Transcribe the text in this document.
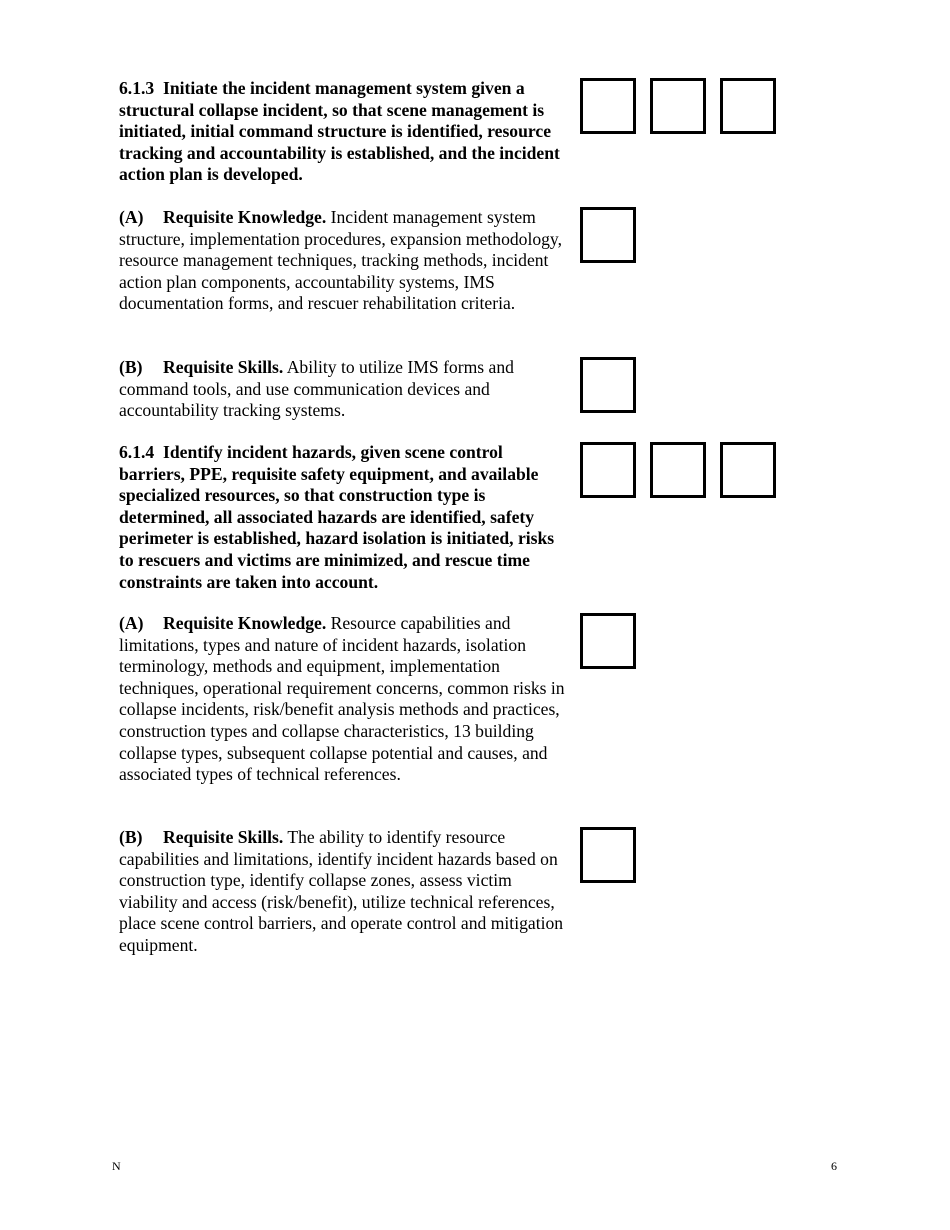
6.1.3 Initiate the incident management system given a structural collapse incident, so that scene management is initiated, initial command structure is identified, resource tracking and accountability is established, and the incident action plan is developed.

(A) Requisite Knowledge. Incident management system structure, implementation procedures, expansion methodology, resource management techniques, tracking methods, incident action plan components, accountability systems, IMS documentation forms, and rescuer rehabilitation criteria.

(B) Requisite Skills. Ability to utilize IMS forms and command tools, and use communication devices and accountability tracking systems.

6.1.4 Identify incident hazards, given scene control barriers, PPE, requisite safety equipment, and available specialized resources, so that construction type is determined, all associated hazards are identified, safety perimeter is established, hazard isolation is initiated, risks to rescuers and victims are minimized, and rescue time constraints are taken into account.

(A) Requisite Knowledge. Resource capabilities and limitations, types and nature of incident hazards, isolation terminology, methods and equipment, implementation techniques, operational requirement concerns, common risks in collapse incidents, risk/benefit analysis methods and practices, construction types and collapse characteristics, 13 building collapse types, subsequent collapse potential and causes, and associated types of technical references.

(B) Requisite Skills. The ability to identify resource capabilities and limitations, identify incident hazards based on construction type, identify collapse zones, assess victim viability and access (risk/benefit), utilize technical references, place scene control barriers, and operate control and mitigation equipment.

N	6
